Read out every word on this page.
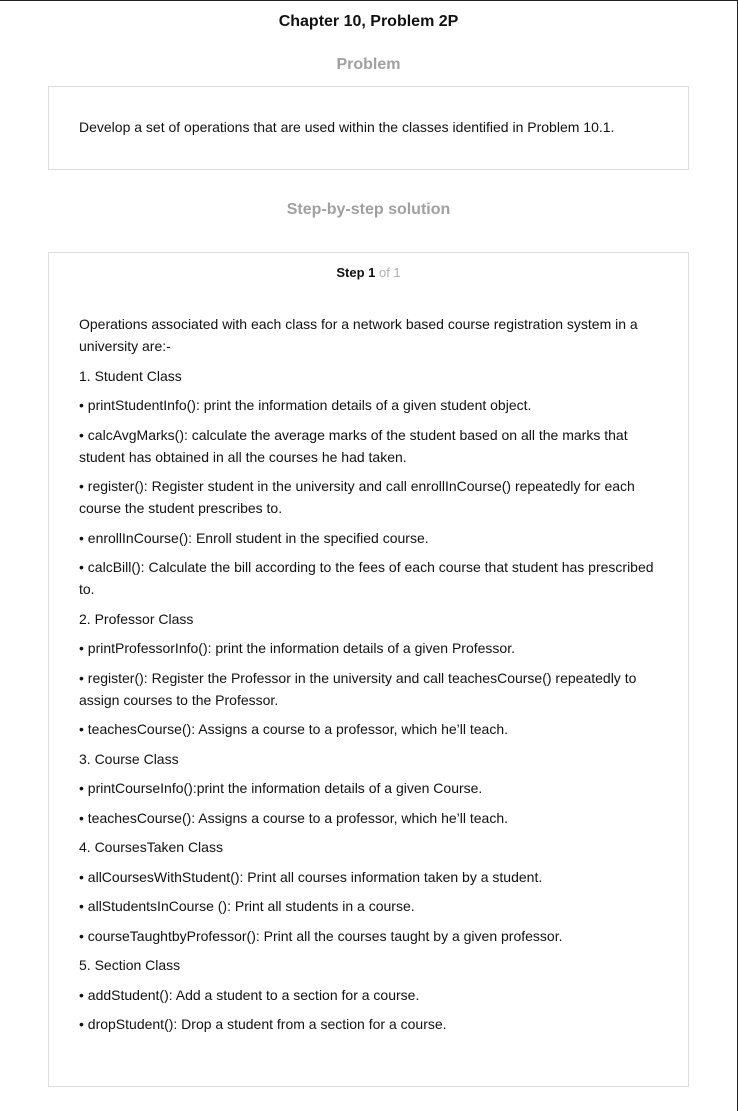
Chapter 10, Problem 2P
Problem
Develop a set of operations that are used within the classes identified in Problem 10.1.
Step-by-step solution
Step 1 of 1

Operations associated with each class for a network based course registration system in a university are:-

1. Student Class

• printStudentInfo(): print the information details of a given student object.

• calcAvgMarks(): calculate the average marks of the student based on all the marks that student has obtained in all the courses he had taken.

• register(): Register student in the university and call enrollInCourse() repeatedly for each course the student prescribes to.

• enrollInCourse(): Enroll student in the specified course.

• calcBill(): Calculate the bill according to the fees of each course that student has prescribed to.

2. Professor Class

• printProfessorInfo(): print the information details of a given Professor.

• register(): Register the Professor in the university and call teachesCourse() repeatedly to assign courses to the Professor.

• teachesCourse(): Assigns a course to a professor, which he’ll teach.

3. Course Class

• printCourseInfo():print the information details of a given Course.

• teachesCourse(): Assigns a course to a professor, which he’ll teach.

4. CoursesTaken Class

• allCoursesWithStudent(): Print all courses information taken by a student.

• allStudentsInCourse (): Print all students in a course.

• courseTaughtbyProfessor(): Print all the courses taught by a given professor.

5. Section Class

• addStudent(): Add a student to a section for a course.

• dropStudent(): Drop a student from a section for a course.
